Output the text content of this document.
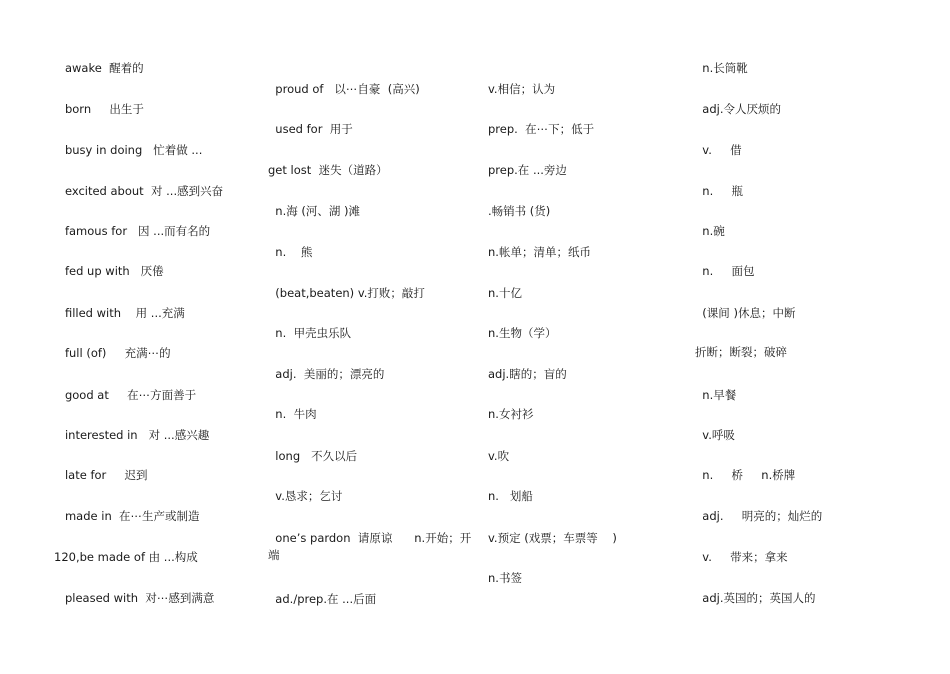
awake  醒着的
born     出生于
busy in doing   忙着做 ...
excited about  对 ...感到兴奋
famous for   因 ...而有名的
fed up with   厌倦
filled with    用 ...充满
full (of)     充满⋯的
good at     在⋯方面善于
interested in   对 ...感兴趣
late for     迟到
made in  在⋯生产或制造
120,be made of 由 ...构成
pleased with  对⋯感到满意
proud of   以⋯自豪  (高兴)
used for  用于
get lost  迷失（道路）
n.海 (河、湖 )滩
n.    熊
(beat,beaten) v.打败；敲打
n.  甲壳虫乐队
adj.  美丽的；漂亮的
n.  牛肉
long   不久以后
v.恳求；乞讨
one’s pardon  请原谅      n.开始；开
端
ad./prep.在 ...后面
v.相信；认为
prep.  在⋯下；低于
prep.在 ...旁边
.畅销书 (货)
n.帐单；清单；纸币
n.十亿
n.生物（学）
adj.瞎的；盲的
n.女衬衫
v.吹
n.   划船
v.预定 (戏票；车票等    )
n.书签
n.长筒靴
adj.令人厌烦的
v.     借
n.     瓶
n.碗
n.     面包
(课间 )休息；中断
折断；断裂；破碎
n.早餐
v.呼吸
n.     桥     n.桥牌
adj.     明亮的；灿烂的
v.     带来；拿来
adj.英国的；英国人的
